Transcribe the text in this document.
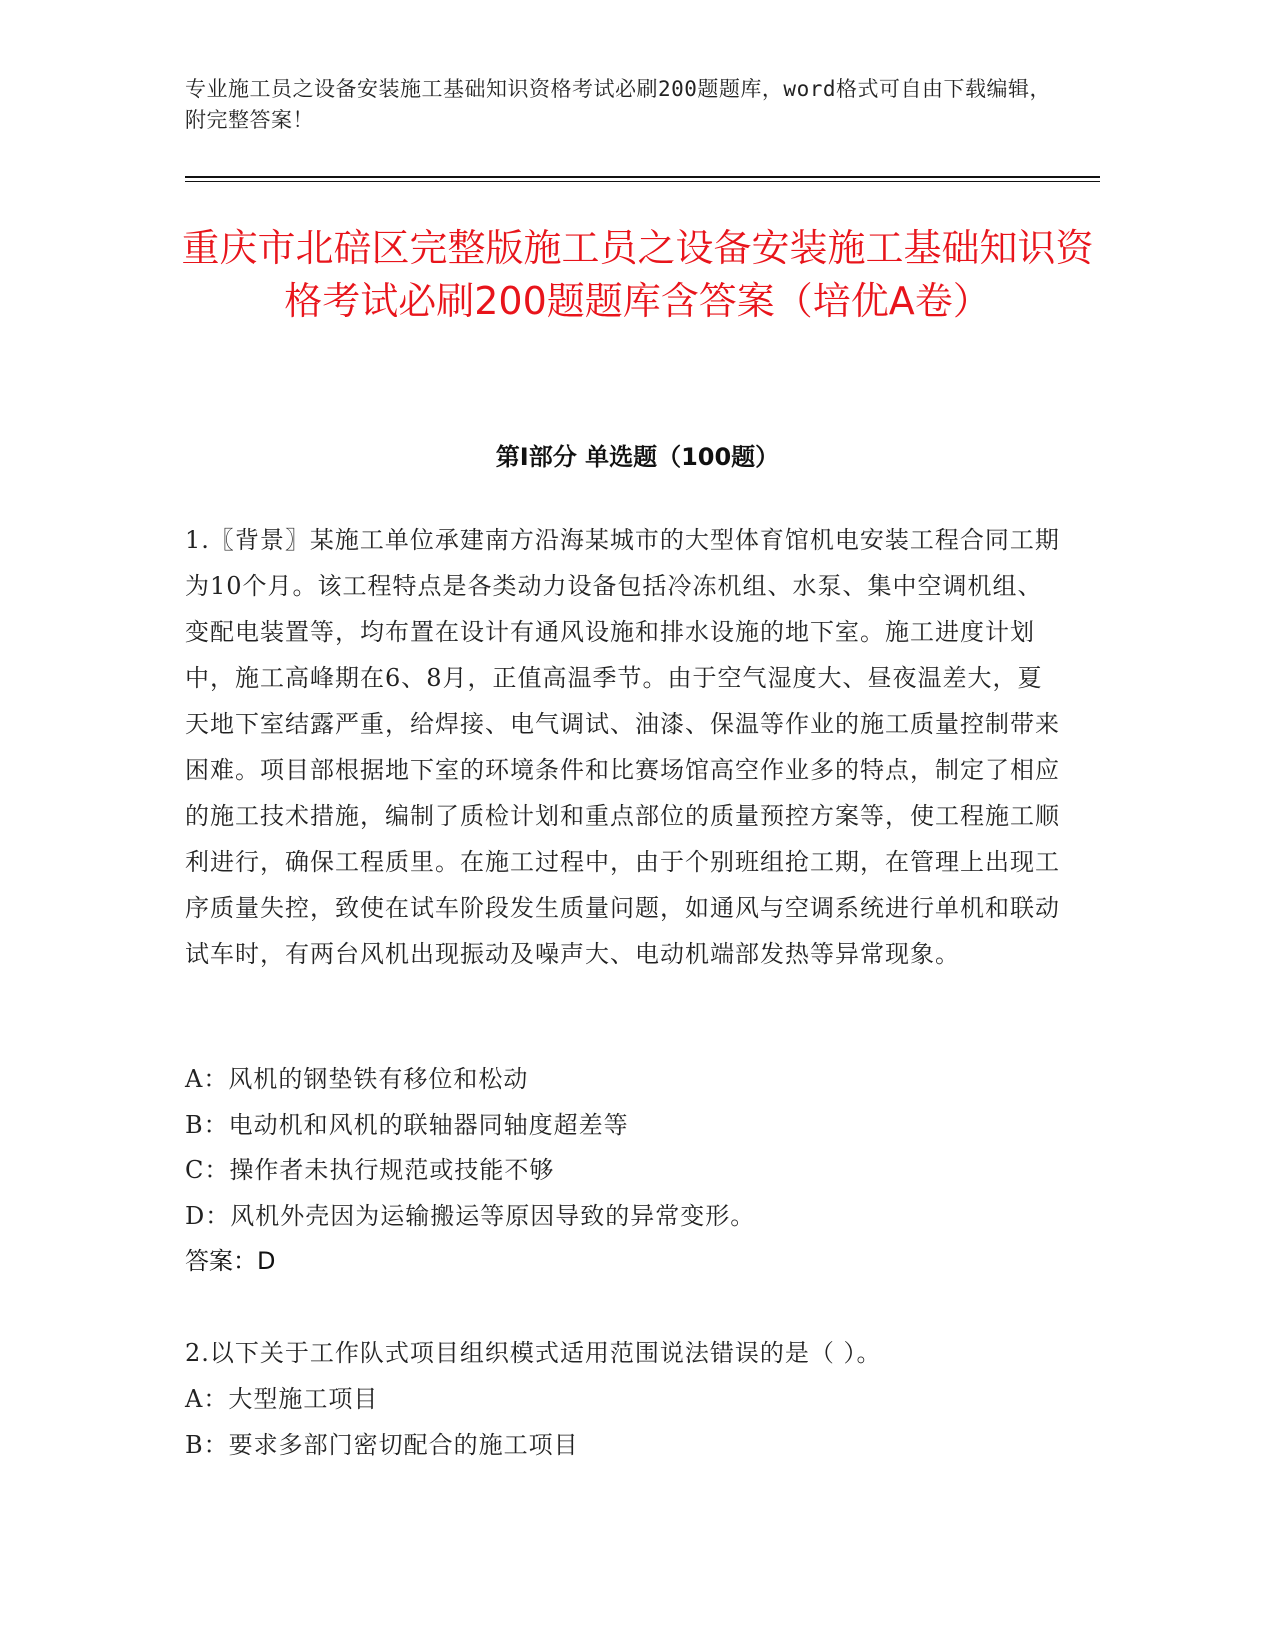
专业施工员之设备安装施工基础知识资格考试必刷200题题库，word格式可自由下载编辑，附完整答案！
重庆市北碚区完整版施工员之设备安装施工基础知识资格考试必刷200题题库含答案（培优A卷）
第I部分 单选题（100题）

1.〖背景〗某施工单位承建南方沿海某城市的大型体育馆机电安装工程合同工期为10个月。该工程特点是各类动力设备包括冷冻机组、水泵、集中空调机组、变配电装置等，均布置在设计有通风设施和排水设施的地下室。施工进度计划中，施工高峰期在6、8月，正值高温季节。由于空气湿度大、昼夜温差大，夏天地下室结露严重，给焊接、电气调试、油漆、保温等作业的施工质量控制带来困难。项目部根据地下室的环境条件和比赛场馆高空作业多的特点，制定了相应的施工技术措施，编制了质检计划和重点部位的质量预控方案等，使工程施工顺利进行，确保工程质里。在施工过程中，由于个别班组抢工期，在管理上出现工序质量失控，致使在试车阶段发生质量问题，如通风与空调系统进行单机和联动试车时，有两台风机出现振动及噪声大、电动机端部发热等异常现象。

A：风机的钢垫铁有移位和松动

B：电动机和风机的联轴器同轴度超差等

C：操作者未执行规范或技能不够

D：风机外壳因为运输搬运等原因导致的异常变形。

答案：D

2.以下关于工作队式项目组织模式适用范围说法错误的是（ ）。

A：大型施工项目

B：要求多部门密切配合的施工项目
